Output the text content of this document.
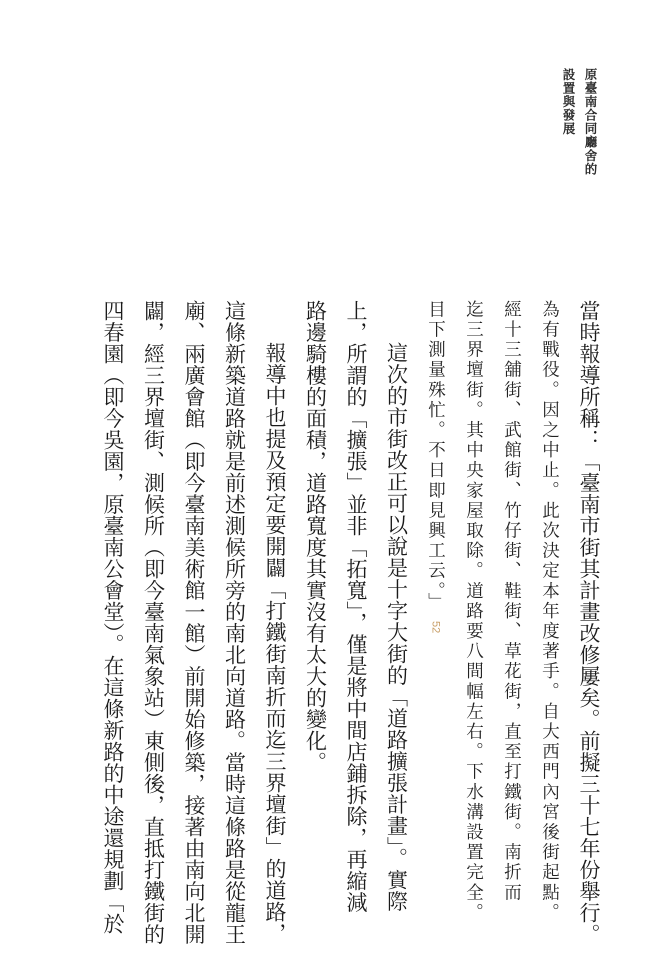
原臺南合同廳舍的
設置與發展
當時報導所稱：「臺南市街其計畫改修屢矣。前擬三十七年份舉行。
為有戰役。因之中止。此次決定本年度著手。自大西門內宮後街起點。
經十三舖街、武館街、竹仔街、鞋街、草花街，直至打鐵街。南折而
迄三界壇街。其中央家屋取除。道路要八間幅左右。下水溝設置完全。
目下測量殊忙。不日即見興工云。」52
這次的市街改正可以說是十字大街的「道路擴張計畫」。實際
上，所謂的「擴張」並非「拓寬」，僅是將中間店鋪拆除，再縮減
路邊騎樓的面積，道路寬度其實沒有太大的變化。
報導中也提及預定要開闢「打鐵街南折而迄三界壇街」的道路，
這條新築道路就是前述測候所旁的南北向道路。當時這條路是從龍王
廟、兩廣會館（即今臺南美術館一館）前開始修築，接著由南向北開
闢，經三界壇街、測候所（即今臺南氣象站）東側後，直抵打鐵街的
四春園（即今吳園，原臺南公會堂）。在這條新路的中途還規劃「於
